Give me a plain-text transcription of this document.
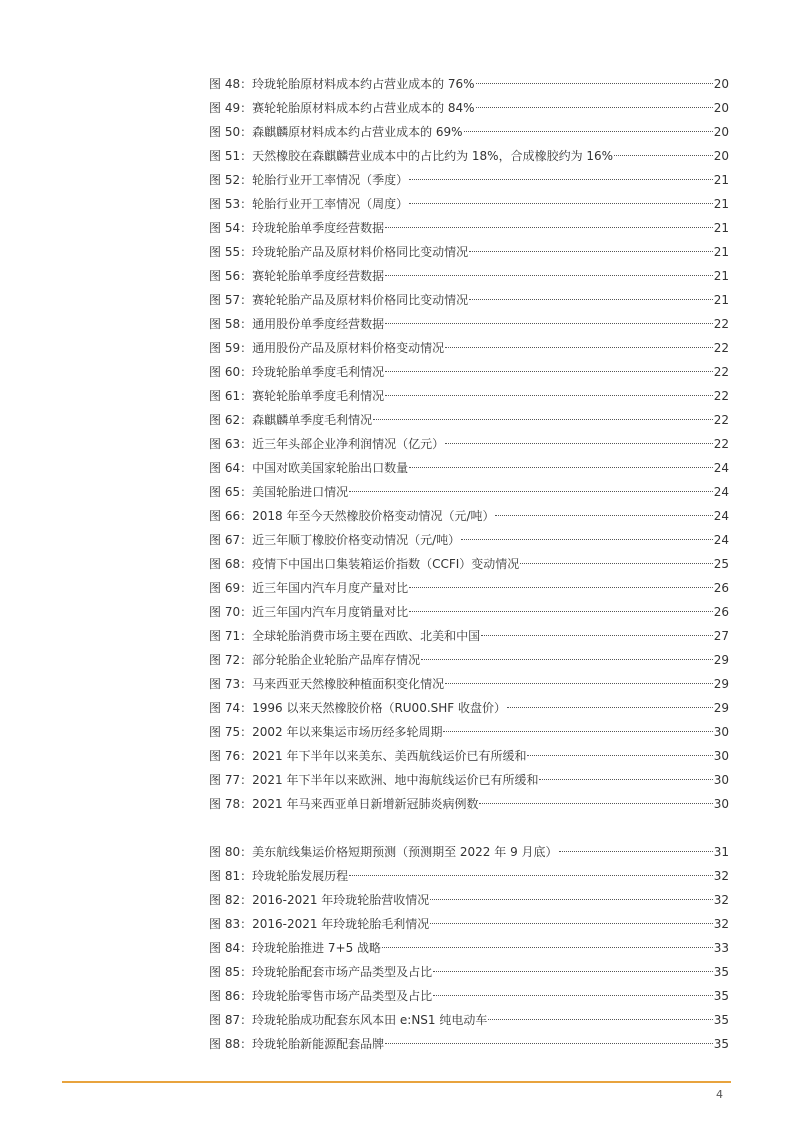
图 48：玲珑轮胎原材料成本约占营业成本的 76%	20
图 49：赛轮轮胎原材料成本约占营业成本的 84%	20
图 50：森麒麟原材料成本约占营业成本的 69%	20
图 51：天然橡胶在森麒麟营业成本中的占比约为 18%，合成橡胶约为 16%	20
图 52：轮胎行业开工率情况（季度）	21
图 53：轮胎行业开工率情况（周度）	21
图 54：玲珑轮胎单季度经营数据	21
图 55：玲珑轮胎产品及原材料价格同比变动情况	21
图 56：赛轮轮胎单季度经营数据	21
图 57：赛轮轮胎产品及原材料价格同比变动情况	21
图 58：通用股份单季度经营数据	22
图 59：通用股份产品及原材料价格变动情况	22
图 60：玲珑轮胎单季度毛利情况	22
图 61：赛轮轮胎单季度毛利情况	22
图 62：森麒麟单季度毛利情况	22
图 63：近三年头部企业净利润情况（亿元）	22
图 64：中国对欧美国家轮胎出口数量	24
图 65：美国轮胎进口情况	24
图 66：2018 年至今天然橡胶价格变动情况（元/吨）	24
图 67：近三年顺丁橡胶价格变动情况（元/吨）	24
图 68：疫情下中国出口集装箱运价指数（CCFI）变动情况	25
图 69：近三年国内汽车月度产量对比	26
图 70：近三年国内汽车月度销量对比	26
图 71：全球轮胎消费市场主要在西欧、北美和中国	27
图 72：部分轮胎企业轮胎产品库存情况	29
图 73：马来西亚天然橡胶种植面积变化情况	29
图 74：1996 以来天然橡胶价格（RU00.SHF 收盘价）	29
图 75：2002 年以来集运市场历经多轮周期	30
图 76：2021 年下半年以来美东、美西航线运价已有所缓和	30
图 77：2021 年下半年以来欧洲、地中海航线运价已有所缓和	30
图 78：2021 年马来西亚单日新增新冠肺炎病例数	30
图 80：美东航线集运价格短期预测（预测期至 2022 年 9 月底）	31
图 81：玲珑轮胎发展历程	32
图 82：2016-2021 年玲珑轮胎营收情况	32
图 83：2016-2021 年玲珑轮胎毛利情况	32
图 84：玲珑轮胎推进 7+5 战略	33
图 85：玲珑轮胎配套市场产品类型及占比	35
图 86：玲珑轮胎零售市场产品类型及占比	35
图 87：玲珑轮胎成功配套东风本田 e:NS1 纯电动车	35
图 88：玲珑轮胎新能源配套品牌	35
4
